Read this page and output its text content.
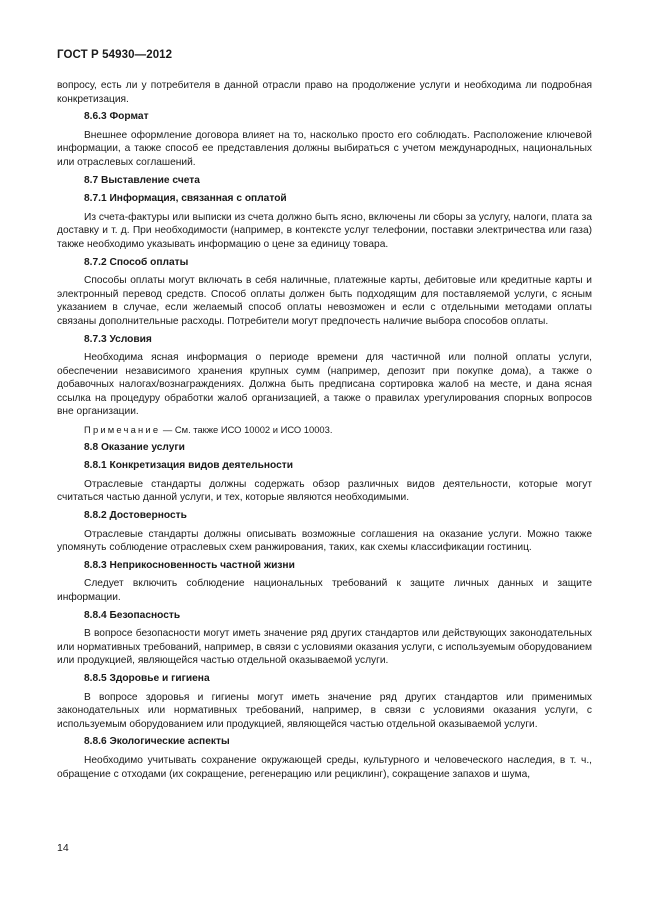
ГОСТ Р 54930—2012

вопросу, есть ли у потребителя в данной отрасли право на продолжение услуги и необходима ли подробная конкретизация.

8.6.3 Формат

Внешнее оформление договора влияет на то, насколько просто его соблюдать. Расположение ключевой информации, а также способ ее представления должны выбираться с учетом международных, национальных или отраслевых соглашений.

8.7 Выставление счета
8.7.1 Информация, связанная с оплатой

Из счета-фактуры или выписки из счета должно быть ясно, включены ли сборы за услугу, налоги, плата за доставку и т. д. При необходимости (например, в контексте услуг телефонии, поставки электричества или газа) также необходимо указывать информацию о цене за единицу товара.

8.7.2 Способ оплаты

Способы оплаты могут включать в себя наличные, платежные карты, дебитовые или кредитные карты и электронный перевод средств. Способ оплаты должен быть подходящим для поставляемой услуги, с ясным указанием в случае, если желаемый способ оплаты невозможен и если с отдельными методами оплаты связаны дополнительные расходы. Потребители могут предпочесть наличие выбора способов оплаты.

8.7.3 Условия

Необходима ясная информация о периоде времени для частичной или полной оплаты услуги, обеспечении независимого хранения крупных сумм (например, депозит при покупке дома), а также о добавочных налогах/вознаграждениях. Должна быть предписана сортировка жалоб на месте, и дана ясная ссылка на процедуру обработки жалоб организацией, а также о правилах урегулирования спорных вопросов вне организации.

Примечание — См. также ИСО 10002 и ИСО 10003.

8.8 Оказание услуги
8.8.1 Конкретизация видов деятельности

Отраслевые стандарты должны содержать обзор различных видов деятельности, которые могут считаться частью данной услуги, и тех, которые являются необходимыми.

8.8.2 Достоверность

Отраслевые стандарты должны описывать возможные соглашения на оказание услуги. Можно также упомянуть соблюдение отраслевых схем ранжирования, таких, как схемы классификации гостиниц.

8.8.3 Неприкосновенность частной жизни

Следует включить соблюдение национальных требований к защите личных данных и защите информации.

8.8.4 Безопасность

В вопросе безопасности могут иметь значение ряд других стандартов или действующих законодательных или нормативных требований, например, в связи с условиями оказания услуги, с используемым оборудованием или продукцией, являющейся частью отдельной оказываемой услуги.

8.8.5 Здоровье и гигиена

В вопросе здоровья и гигиены могут иметь значение ряд других стандартов или применимых законодательных или нормативных требований, например, в связи с условиями оказания услуги, с используемым оборудованием или продукцией, являющейся частью отдельной оказываемой услуги.

8.8.6 Экологические аспекты

Необходимо учитывать сохранение окружающей среды, культурного и человеческого наследия, в т. ч., обращение с отходами (их сокращение, регенерацию или рециклинг), сокращение запахов и шума,

14
